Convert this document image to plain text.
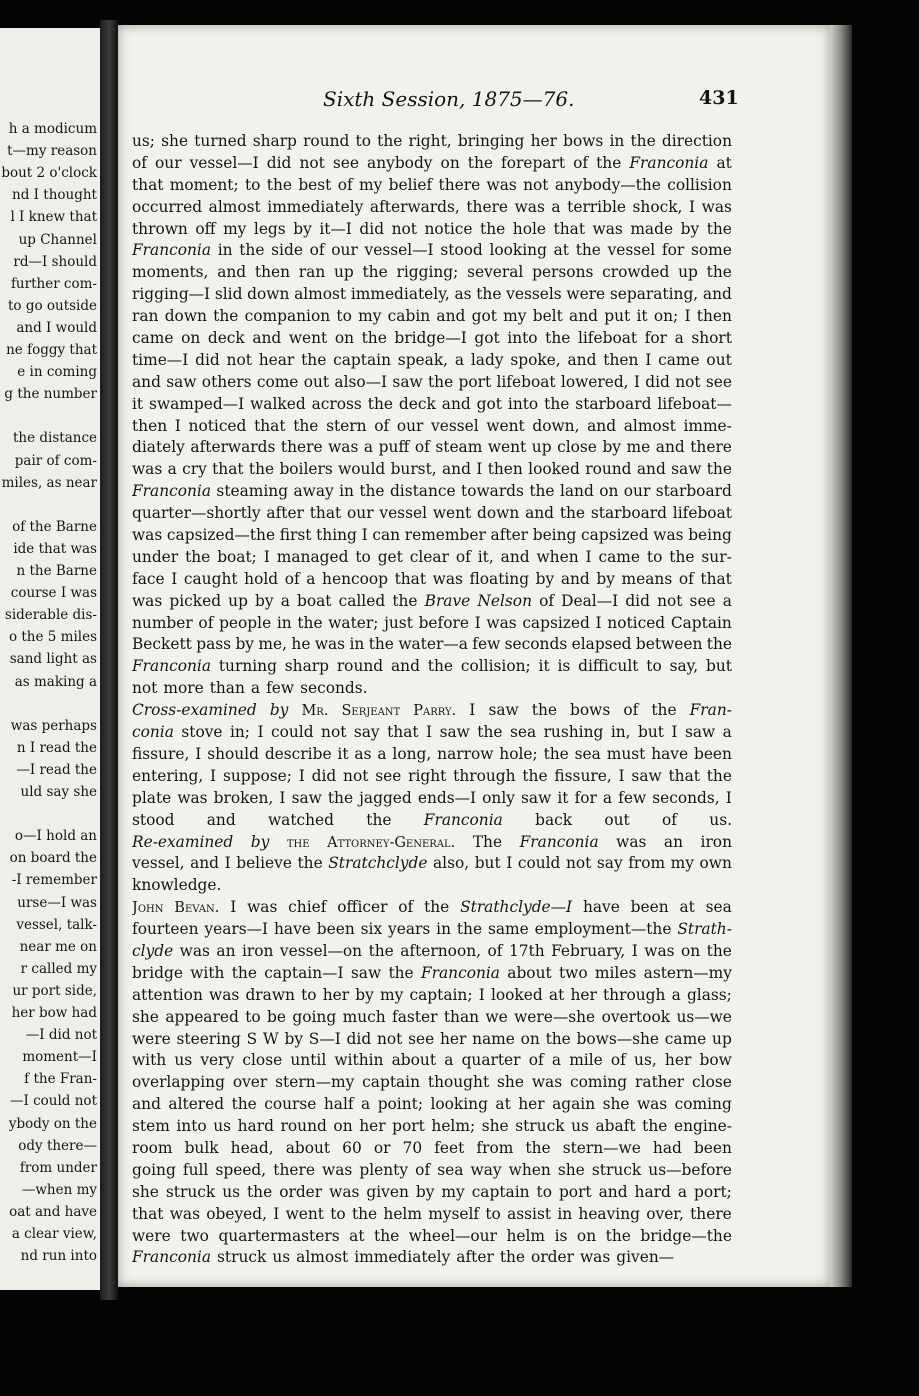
h a modicum
t—my reason
bout 2 o'clock
nd I thought
l I knew that
up Channel
rd—I should
further com-
to go outside
and I would
ne foggy that
e in coming
g the number
the distance
pair of com-
miles, as near
of the Barne
ide that was
n the Barne
course I was
siderable dis-
o the 5 miles
sand light as
as making a
was perhaps
n I read the
—I read the
uld say she
o—I hold an
on board the
-I remember
urse—I was
vessel, talk-
near me on
r called my
ur port side,
her bow had
—I did not
moment—I
f the Fran-
—I could not
ybody on the
ody there—
from under
—when my
oat and have
a clear view,
nd run into
Sixth Session, 1875—76.	431
us; she turned sharp round to the right, bringing her bows in the direction
of our vessel—I did not see anybody on the forepart of the Franconia at
that moment; to the best of my belief there was not anybody—the collision
occurred almost immediately afterwards, there was a terrible shock, I was
thrown off my legs by it—I did not notice the hole that was made by the
Franconia in the side of our vessel—I stood looking at the vessel for some
moments, and then ran up the rigging; several persons crowded up the
rigging—I slid down almost immediately, as the vessels were separating, and
ran down the companion to my cabin and got my belt and put it on; I then
came on deck and went on the bridge—I got into the lifeboat for a short
time—I did not hear the captain speak, a lady spoke, and then I came out
and saw others come out also—I saw the port lifeboat lowered, I did not see
it swamped—I walked across the deck and got into the starboard lifeboat—
then I noticed that the stern of our vessel went down, and almost imme-
diately afterwards there was a puff of steam went up close by me and there
was a cry that the boilers would burst, and I then looked round and saw the
Franconia steaming away in the distance towards the land on our starboard
quarter—shortly after that our vessel went down and the starboard lifeboat
was capsized—the first thing I can remember after being capsized was being
under the boat; I managed to get clear of it, and when I came to the sur-
face I caught hold of a hencoop that was floating by and by means of that
was picked up by a boat called the Brave Nelson of Deal—I did not see a
number of people in the water; just before I was capsized I noticed Captain
Beckett pass by me, he was in the water—a few seconds elapsed between the
Franconia turning sharp round and the collision; it is difficult to say, but
not more than a few seconds.
Cross-examined by Mr. Serjeant Parry. I saw the bows of the Fran-
conia stove in; I could not say that I saw the sea rushing in, but I saw a
fissure, I should describe it as a long, narrow hole; the sea must have been
entering, I suppose; I did not see right through the fissure, I saw that the
plate was broken, I saw the jagged ends—I only saw it for a few seconds, I
stood and watched the Franconia back out of us.
Re-examined by the Attorney-General. The Franconia was an iron
vessel, and I believe the Stratchclyde also, but I could not say from my own
knowledge.
John Bevan. I was chief officer of the Strathclyde—I have been at sea
fourteen years—I have been six years in the same employment—the Strath-
clyde was an iron vessel—on the afternoon, of 17th February, I was on the
bridge with the captain—I saw the Franconia about two miles astern—my
attention was drawn to her by my captain; I looked at her through a glass;
she appeared to be going much faster than we were—she overtook us—we
were steering S W by S—I did not see her name on the bows—she came up
with us very close until within about a quarter of a mile of us, her bow
overlapping over stern—my captain thought she was coming rather close
and altered the course half a point; looking at her again she was coming
stem into us hard round on her port helm; she struck us abaft the engine-
room bulk head, about 60 or 70 feet from the stern—we had been
going full speed, there was plenty of sea way when she struck us—before
she struck us the order was given by my captain to port and hard a port;
that was obeyed, I went to the helm myself to assist in heaving over, there
were two quartermasters at the wheel—our helm is on the bridge—the
Franconia struck us almost immediately after the order was given—
